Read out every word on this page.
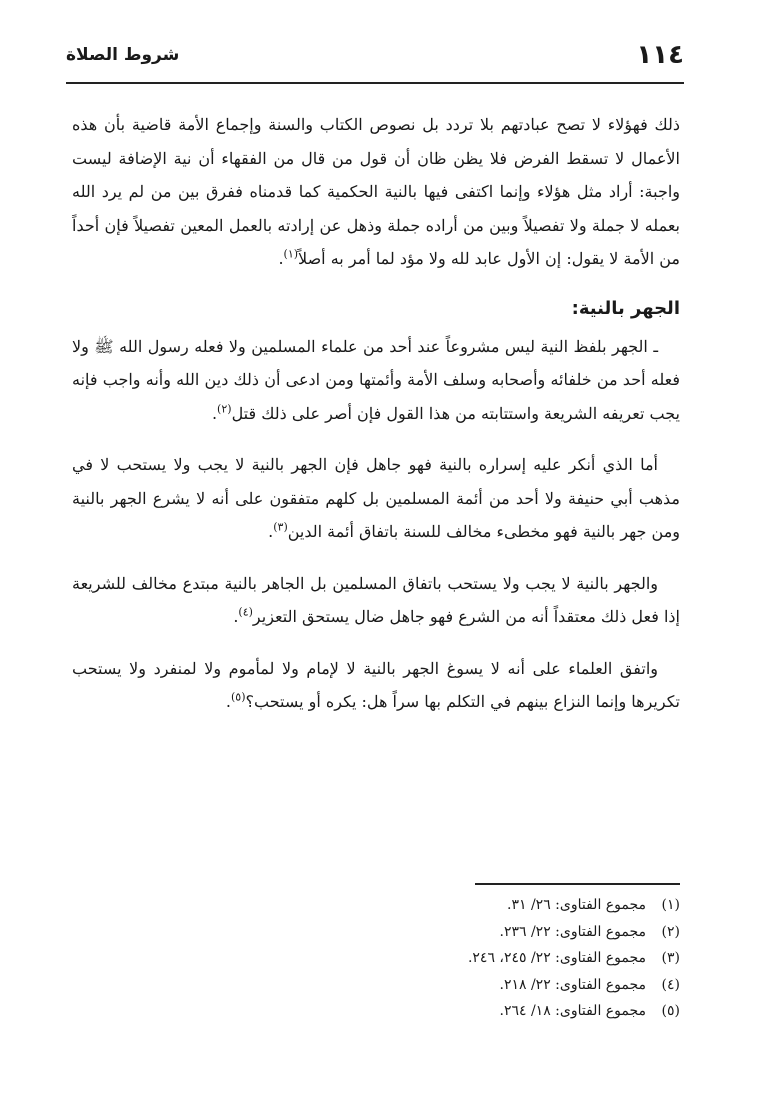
١١٤
شروط الصلاة

ذلك فهؤلاء لا تصح عبادتهم بلا تردد بل نصوص الكتاب والسنة وإجماع الأمة قاضية بأن هذه الأعمال لا تسقط الفرض فلا يظن ظان أن قول من قال من الفقهاء أن نية الإضافة ليست واجبة: أراد مثل هؤلاء وإنما اكتفى فيها بالنية الحكمية كما قدمناه ففرق بين من لم يرد الله بعمله لا جملة ولا تفصيلاً وبين من أراده جملة وذهل عن إرادته بالعمل المعين تفصيلاً فإن أحداً من الأمة لا يقول: إن الأول عابد لله ولا مؤد لما أمر به أصلاً$^{(١)}$.

الجهر بالنية:

ـ الجهر بلفظ النية ليس مشروعاً عند أحد من علماء المسلمين ولا فعله رسول الله ﷺ ولا فعله أحد من خلفائه وأصحابه وسلف الأمة وأئمتها ومن ادعى أن ذلك دين الله وأنه واجب فإنه يجب تعريفه الشريعة واستتابته من هذا القول فإن أصر على ذلك قتل$^{(٢)}$.

أما الذي أنكر عليه إسراره بالنية فهو جاهل فإن الجهر بالنية لا يجب ولا يستحب لا في مذهب أبي حنيفة ولا أحد من أئمة المسلمين بل كلهم متفقون على أنه لا يشرع الجهر بالنية ومن جهر بالنية فهو مخطىء مخالف للسنة باتفاق أئمة الدين$^{(٣)}$.

والجهر بالنية لا يجب ولا يستحب باتفاق المسلمين بل الجاهر بالنية مبتدع مخالف للشريعة إذا فعل ذلك معتقداً أنه من الشرع فهو جاهل ضال يستحق التعزير$^{(٤)}$.

واتفق العلماء على أنه لا يسوغ الجهر بالنية لا لإمام ولا لمأموم ولا لمنفرد ولا يستحب تكريرها وإنما النزاع بينهم في التكلم بها سراً هل: يكره أو يستحب؟$^{(٥)}$.

(١)مجموع الفتاوى: ٢٦/ ٣١.
(٢)مجموع الفتاوى: ٢٢/ ٢٣٦.
(٣)مجموع الفتاوى: ٢٢/ ٢٤٥، ٢٤٦.
(٤)مجموع الفتاوى: ٢٢/ ٢١٨.
(٥)مجموع الفتاوى: ١٨/ ٢٦٤.
